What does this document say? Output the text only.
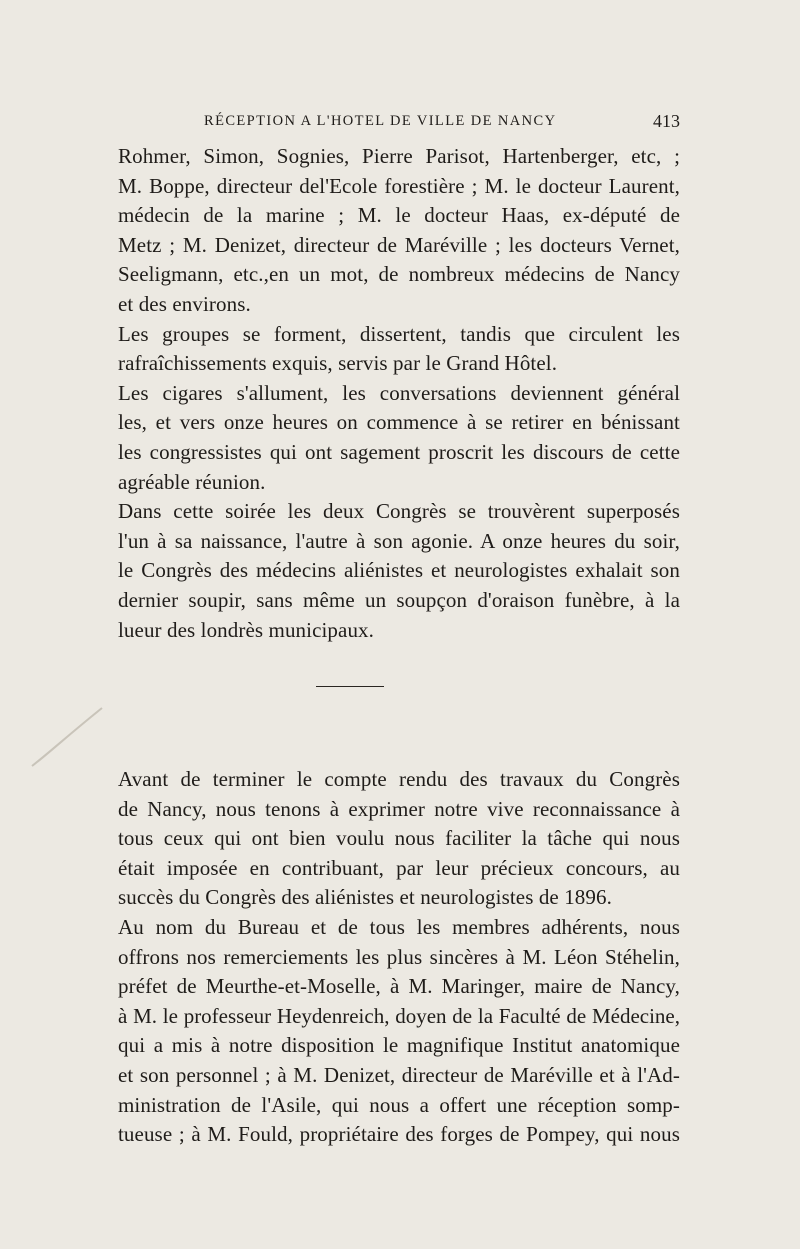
RÉCEPTION A L'HOTEL DE VILLE DE NANCY	413
Rohmer, Simon, Sognies, Pierre Parisot, Hartenberger, etc, ;
M. Boppe, directeur del'Ecole forestière ; M. le docteur Laurent,
médecin de la marine ; M. le docteur Haas, ex-député de
Metz ; M. Denizet, directeur de Maréville ; les docteurs Vernet,
Seeligmann, etc.,en un mot, de nombreux médecins de Nancy
et des environs.
Les groupes se forment, dissertent, tandis que circulent les
rafraîchissements exquis, servis par le Grand Hôtel.
Les cigares s'allument, les conversations deviennent général
les, et vers onze heures on commence à se retirer en bénissant
les congressistes qui ont sagement proscrit les discours de cette
agréable réunion.
Dans cette soirée les deux Congrès se trouvèrent superposés
l'un à sa naissance, l'autre à son agonie. A onze heures du soir,
le Congrès des médecins aliénistes et neurologistes exhalait son
dernier soupir, sans même un soupçon d'oraison funèbre, à la
lueur des londrès municipaux.
Avant de terminer le compte rendu des travaux du Congrès
de Nancy, nous tenons à exprimer notre vive reconnaissance à
tous ceux qui ont bien voulu nous faciliter la tâche qui nous
était imposée en contribuant, par leur précieux concours, au
succès du Congrès des aliénistes et neurologistes de 1896.
Au nom du Bureau et de tous les membres adhérents, nous
offrons nos remerciements les plus sincères à M. Léon Stéhelin,
préfet de Meurthe-et-Moselle, à M. Maringer, maire de Nancy,
à M. le professeur Heydenreich, doyen de la Faculté de Médecine,
qui a mis à notre disposition le magnifique Institut anatomique
et son personnel ; à M. Denizet, directeur de Maréville et à l'Ad-
ministration de l'Asile, qui nous a offert une réception somp-
tueuse ; à M. Fould, propriétaire des forges de Pompey, qui nous
